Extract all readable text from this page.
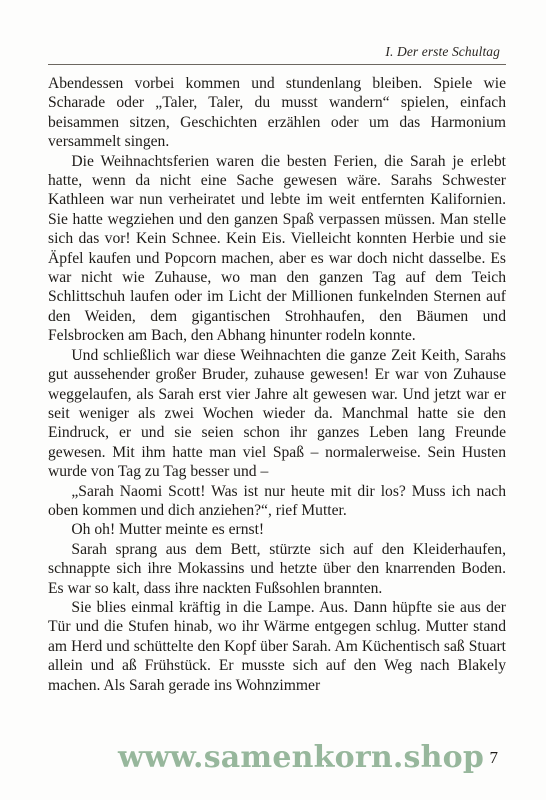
I. Der erste Schultag

Abendessen vorbei kommen und stundenlang bleiben. Spiele wie Scharade oder „Taler, Taler, du musst wandern“ spielen, einfach beisammen sitzen, Geschichten erzählen oder um das Harmonium versammelt singen.

Die Weihnachtsferien waren die besten Ferien, die Sarah je erlebt hatte, wenn da nicht eine Sache gewesen wäre. Sarahs Schwester Kathleen war nun verheiratet und lebte im weit entfernten Kalifornien. Sie hatte wegziehen und den ganzen Spaß verpassen müssen. Man stelle sich das vor! Kein Schnee. Kein Eis. Vielleicht konnten Herbie und sie Äpfel kaufen und Popcorn machen, aber es war doch nicht dasselbe. Es war nicht wie Zuhause, wo man den ganzen Tag auf dem Teich Schlittschuh laufen oder im Licht der Millionen funkelnden Sternen auf den Weiden, dem gigantischen Strohhaufen, den Bäumen und Felsbrocken am Bach, den Abhang hinunter rodeln konnte.

Und schließlich war diese Weihnachten die ganze Zeit Keith, Sarahs gut aussehender großer Bruder, zuhause gewesen! Er war von Zuhause weggelaufen, als Sarah erst vier Jahre alt gewesen war. Und jetzt war er seit weniger als zwei Wochen wieder da. Manchmal hatte sie den Eindruck, er und sie seien schon ihr ganzes Leben lang Freunde gewesen. Mit ihm hatte man viel Spaß – normalerweise. Sein Husten wurde von Tag zu Tag besser und –

„Sarah Naomi Scott! Was ist nur heute mit dir los? Muss ich nach oben kommen und dich anziehen?“, rief Mutter.

Oh oh! Mutter meinte es ernst!

Sarah sprang aus dem Bett, stürzte sich auf den Kleiderhaufen, schnappte sich ihre Mokassins und hetzte über den knarrenden Boden. Es war so kalt, dass ihre nackten Fußsohlen brannten.

Sie blies einmal kräftig in die Lampe. Aus. Dann hüpfte sie aus der Tür und die Stufen hinab, wo ihr Wärme entgegen schlug. Mutter stand am Herd und schüttelte den Kopf über Sarah. Am Küchentisch saß Stuart allein und aß Frühstück. Er musste sich auf den Weg nach Blakely machen. Als Sarah gerade ins Wohnzimmer

www.samenkorn.shop 7
